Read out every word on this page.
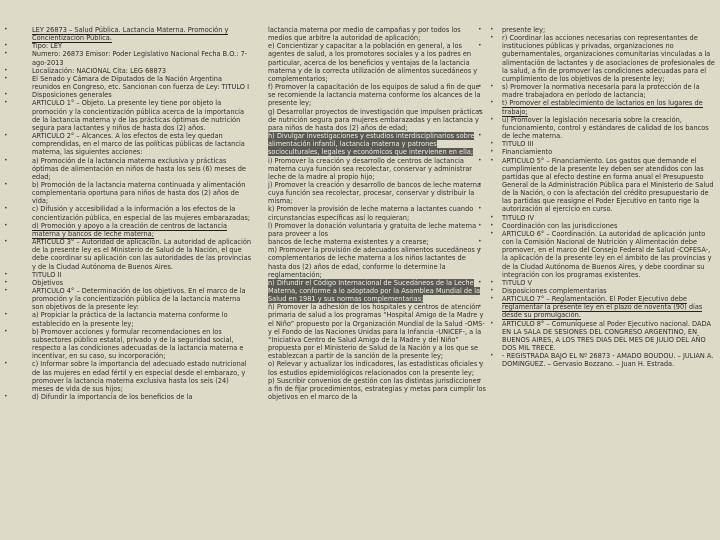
• LEY 26873 – Salud Pública. Lactancia Materna. Promoción y Concientización Pública.
• Tipo: LEY
• Numero: 26873 Emisor: Poder Legislativo Nacional Fecha B.O.: 7-ago-2013
• Localización: NACIONAL Cita: LEG 68873
• El Senado y Cámara de Diputados de la Nación Argentina reunidos en Congreso, etc. Sancionan con fuerza de Ley: TITULO I
• Disposiciones generales
• ARTICULO 1° – Objeto. La presente ley tiene por objeto la promoción y la concientización pública acerca de la importancia de la lactancia materna y de las prácticas óptimas de nutrición segura para lactantes y niños de hasta dos (2) años.
• ARTICULO 2° – Alcances. A los efectos de esta ley quedan comprendidas, en el marco de las políticas públicas de lactancia materna, las siguientes acciones:
• a) Promoción de la lactancia materna exclusiva y prácticas óptimas de alimentación en niños de hasta los seis (6) meses de edad;
• b) Promoción de la lactancia materna continuada y alimentación complementaria oportuna para niños de hasta dos (2) años de vida;
• c) Difusión y accesibilidad a la información a los efectos de la concientización pública, en especial de las mujeres embarazadas;
• d) Promoción y apoyo a la creación de centros de lactancia materna y bancos de leche materna;
• ARTICULO 3° – Autoridad de aplicación. La autoridad de aplicación de la presente ley es el Ministerio de Salud de la Nación, el que debe coordinar su aplicación con las autoridades de las provincias y de la Ciudad Autónoma de Buenos Aires.
• TITULO II
• Objetivos
• ARTICULO 4° – Determinación de los objetivos. En el marco de la promoción y la concientización pública de la lactancia materna son objetivos de la presente ley:
• a) Propiciar la práctica de la lactancia materna conforme lo establecido en la presente ley;
• b) Promover acciones y formular recomendaciones en los subsectores público estatal, privado y de la seguridad social, respecto a las condiciones adecuadas de la lactancia materna e incentivar, en su caso, su incorporación;
• c) Informar sobre la importancia del adecuado estado nutricional de las mujeres en edad fértil y en especial desde el embarazo, y promover la lactancia materna exclusiva hasta los seis (24) meses de vida de sus hijos;
• d) Difundir la importancia de los beneficios de la
• lactancia materna por medio de campañas y por todos los medios que arbitre la autoridad de aplicación;
• e) Concientizar y capacitar a la población en general, a los agentes de salud, a los promotores sociales y a los padres en particular, acerca de los beneficios y ventajas de la lactancia materna y de la correcta utilización de alimentos sucedáneos y complementarios;
• f) Promover la capacitación de los equipos de salud a fin de que se recomiende la lactancia materna conforme los alcances de la presente ley;
• g) Desarrollar proyectos de investigación que impulsen prácticas de nutrición segura para mujeres embarazadas y en lactancia y para niños de hasta dos (2) años de edad;
• h) Divulgar investigaciones y estudios interdisciplinarios sobre alimentación infantil, lactancia materna y patrones socioculturales, legales y económicos que intervienen en ella;
• i) Promover la creación y desarrollo de centros de lactancia materna cuya función sea recolectar, conservar y administrar leche de la madre al propio hijo;
• j) Promover la creación y desarrollo de bancos de leche materna cuya función sea recolectar, procesar, conservar y distribuir la misma;
• k) Promover la provisión de leche materna a lactantes cuando circunstancias específicas así lo requieran;
• l) Promover la donación voluntaria y gratuita de leche materna para proveer a los
• bancos de leche materna existentes y a crearse;
• m) Promover la provisión de adecuados alimentos sucedáneos y complementarios de leche materna a los niños lactantes de hasta dos (2) años de edad, conforme lo determine la reglamentación;
• n) Difundir el Código Internacional de Sucedáneos de la Leche Materna, conforme a lo adoptado por la Asamblea Mundial de la Salud en 1981 y sus normas complementarias;
• ñ) Promover la adhesión de los hospitales y centros de atención primaria de salud a los programas “Hospital Amigo de la Madre y el Niño” propuesto por la Organización Mundial de la Salud -OMS- y el Fondo de las Naciones Unidas para la Infancia -UNICEF-, a la “Iniciativa Centro de Salud Amigo de la Madre y del Niño” propuesta por el Ministerio de Salud de la Nación y a los que se establezcan a partir de la sanción de la presente ley;
• o) Relevar y actualizar los indicadores, las estadísticas oficiales y los estudios epidemiológicos relacionados con la presente ley;
• p) Suscribir convenios de gestión con las distintas jurisdicciones a fin de fijar procedimientos, estrategias y metas para cumplir los objetivos en el marco de la
• presente ley;
• r) Coordinar las acciones necesarias con representantes de instituciones públicas y privadas, organizaciones no gubernamentales, organizaciones comunitarias vinculadas a la alimentación de lactantes y de asociaciones de profesionales de la salud, a fin de promover las condiciones adecuadas para el cumplimiento de los objetivos de la presente ley;
• s) Promover la normativa necesaria para la protección de la madre trabajadora en período de lactancia;
• t) Promover el establecimiento de lactarios en los lugares de trabajo;
• u) Promover la legislación necesaria sobre la creación, funcionamiento, control y estándares de calidad de los bancos de leche materna.
• TITULO III
• Financiamiento
• ARTICULO 5° – Financiamiento. Los gastos que demande el cumplimiento de la presente ley deben ser atendidos con las partidas que al efecto destine en forma anual el Presupuesto General de la Administración Pública para el Ministerio de Salud de la Nación, o con la afectación del crédito presupuestario de las partidas que reasigne el Poder Ejecutivo en tanto rige la autorización al ejercicio en curso.
• TITULO IV
• Coordinación con las jurisdicciones
• ARTICULO 6° – Coordinación. La autoridad de aplicación junto con la Comisión Nacional de Nutrición y Alimentación debe promover, en el marco del Consejo Federal de Salud -COFESA-, la aplicación de la presente ley en el ámbito de las provincias y de la Ciudad Autónoma de Buenos Aires, y debe coordinar su integración con los programas existentes.
• TITULO V
• Disposiciones complementarias
• ARTICULO 7° – Reglamentación. El Poder Ejecutivo debe reglamentar la presente ley en el plazo de noventa (90) días desde su promulgación.
• ARTICULO 8° – Comuníquese al Poder Ejecutivo nacional. DADA EN LA SALA DE SESIONES DEL CONGRESO ARGENTINO, EN BUENOS AIRES, A LOS TRES DIAS DEL MES DE JULIO DEL AÑO DOS MIL TRECE.
• - REGISTRADA BAJO EL Nº 26873 - AMADO BOUDOU. – JULIAN A. DOMINGUEZ. – Gervasio Bozzano. – Juan H. Estrada.
